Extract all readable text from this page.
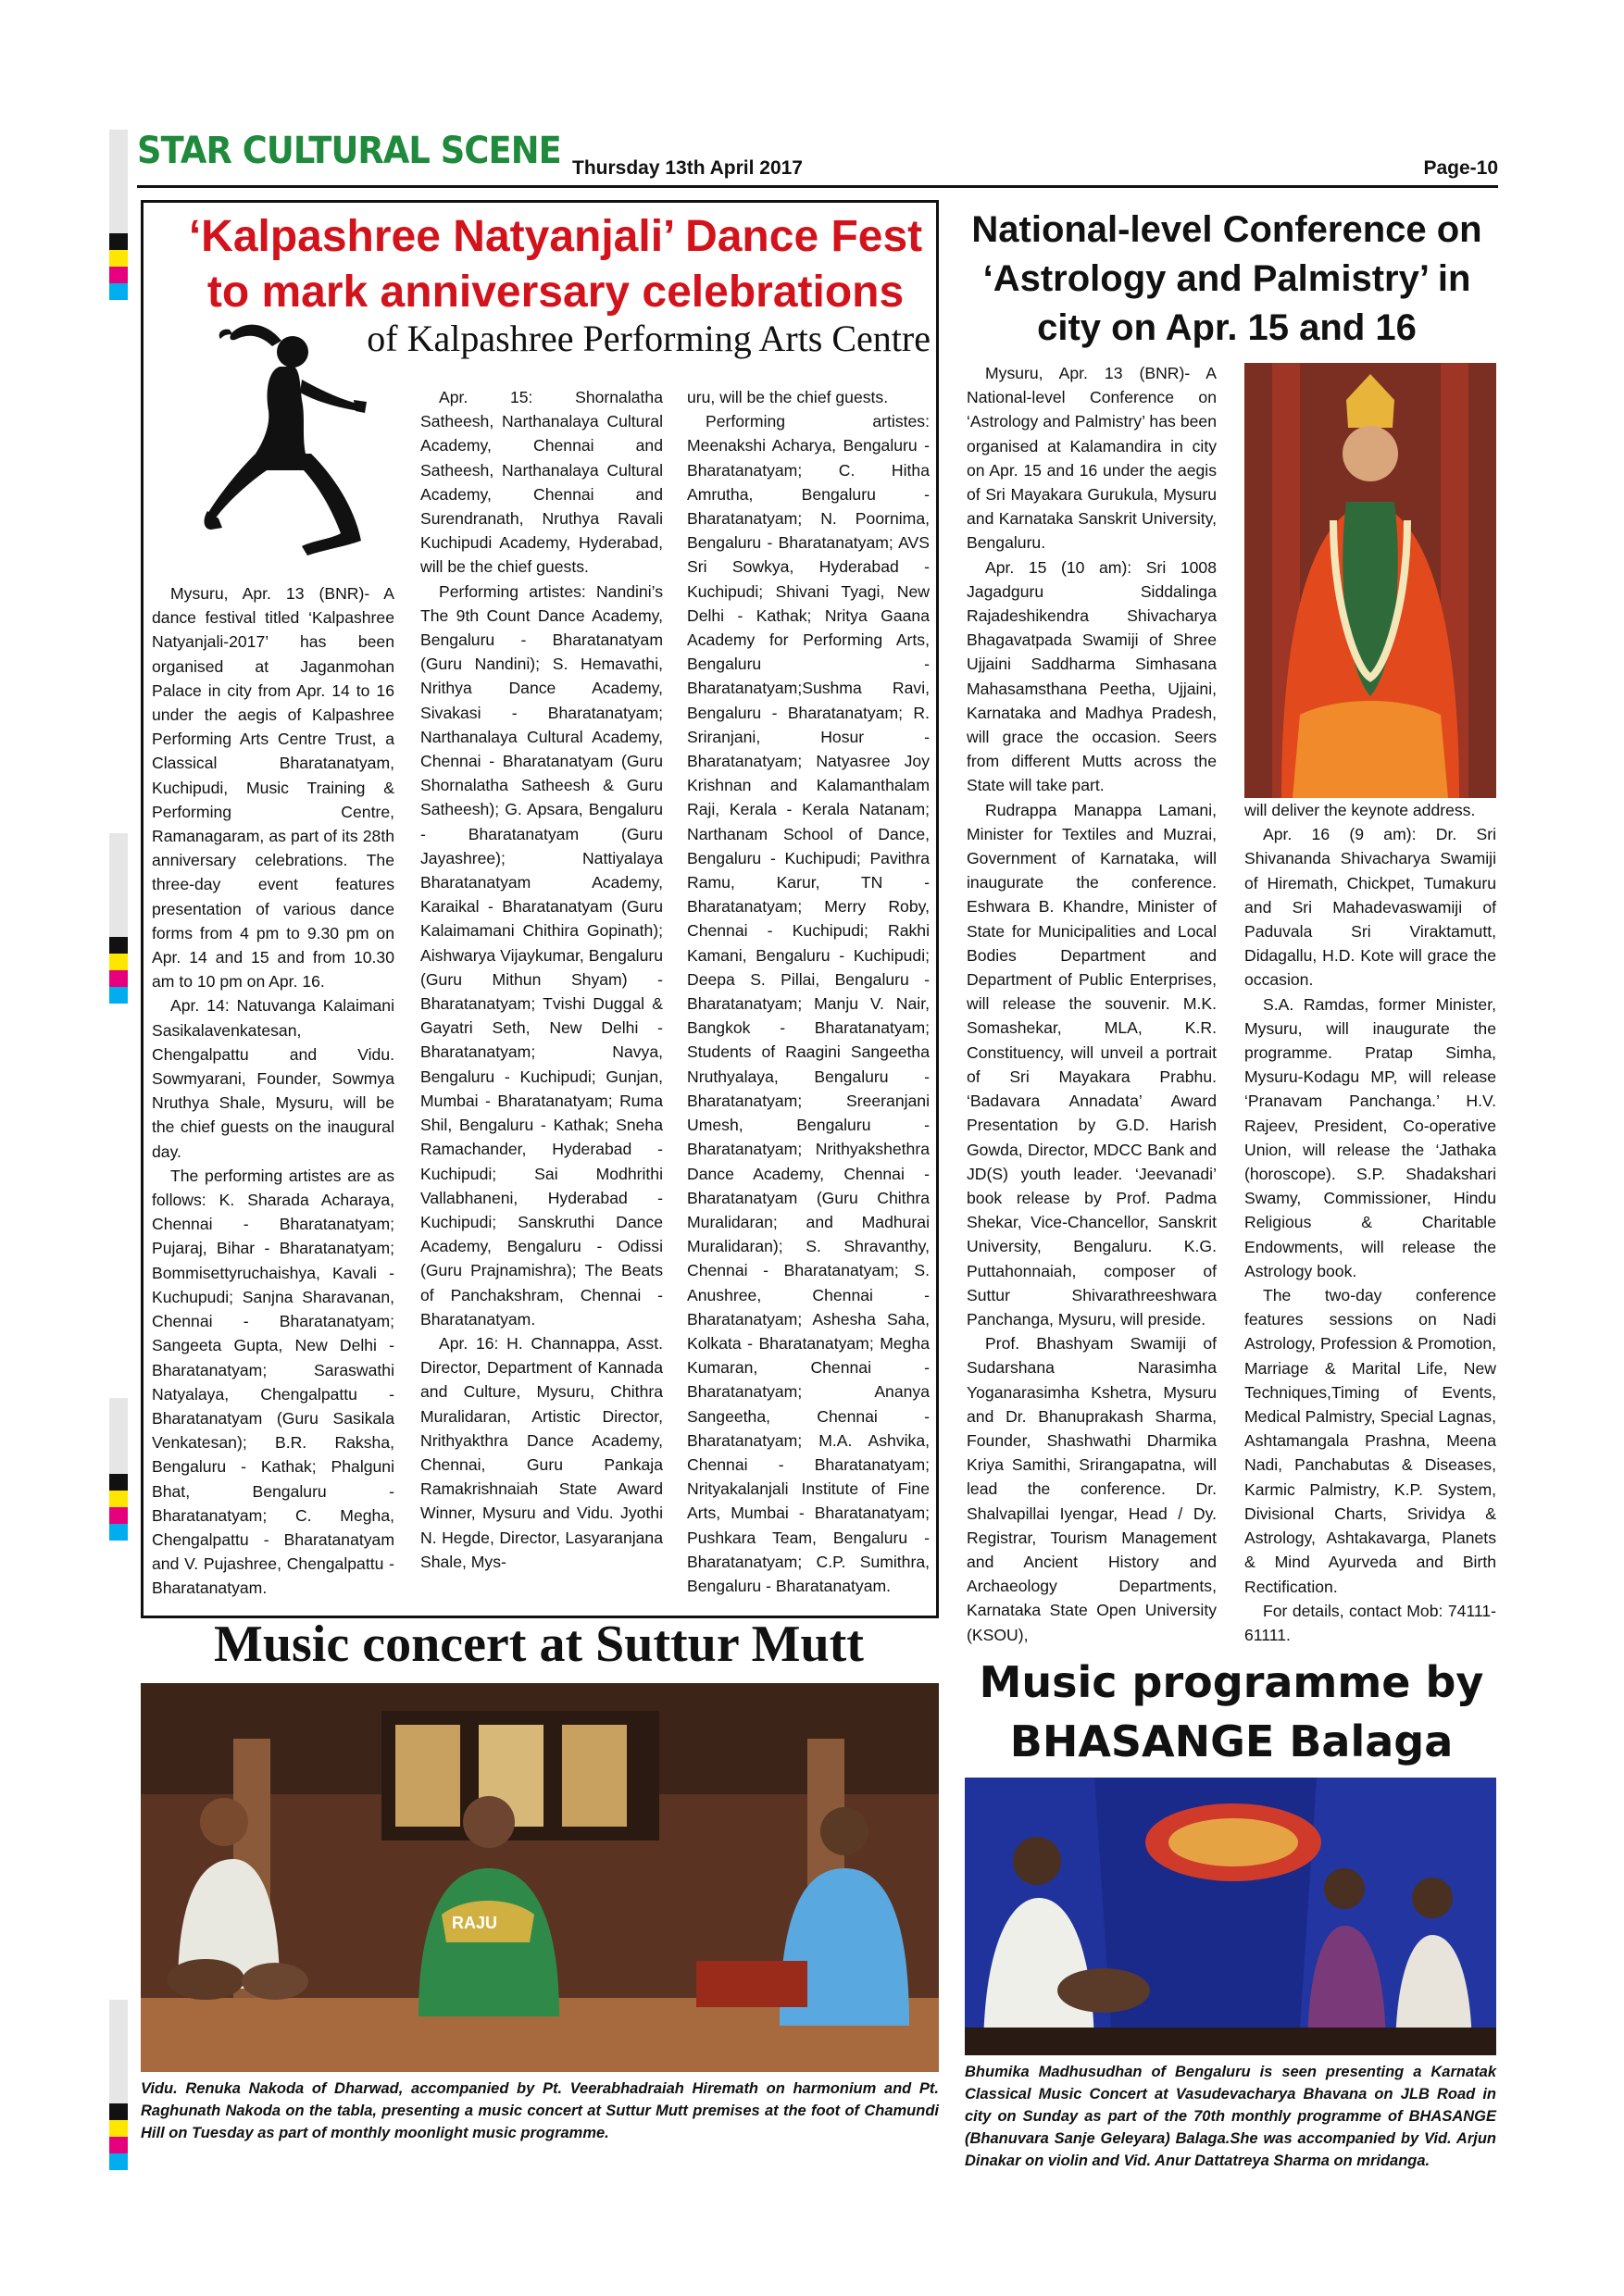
STAR CULTURAL SCENE Thursday 13th April 2017	Page-10
‘Kalpashree Natyanjali’ Dance Fest to mark anniversary celebrations
of Kalpashree Performing Arts Centre

Mysuru, Apr. 13 (BNR)- A dance festival titled ‘Kalpashree Natyanjali-2017’ has been organised at Jaganmohan Palace in city from Apr. 14 to 16 under the aegis of Kalpashree Performing Arts Centre Trust, a Classical Bharatanatyam, Kuchipudi, Music Training & Performing Centre, Ramanagaram, as part of its 28th anniversary celebrations. The three-day event features presentation of various dance forms from 4 pm to 9.30 pm on Apr. 14 and 15 and from 10.30 am to 10 pm on Apr. 16.

Apr. 14: Natuvanga Kalaimani Sasikalavenkatesan, Chengalpattu and Vidu. Sowmyarani, Founder, Sowmya Nruthya Shale, Mysuru, will be the chief guests on the inaugural day.

The performing artistes are as follows: K. Sharada Acharaya, Chennai - Bharatanatyam; Pujaraj, Bihar - Bharatanatyam; Bommisettyruchaishya, Kavali - Kuchupudi; Sanjna Sharavanan, Chennai - Bharatanatyam; Sangeeta Gupta, New Delhi - Bharatanatyam; Saraswathi Natyalaya, Chengalpattu - Bharatanatyam (Guru Sasikala Venkatesan); B.R. Raksha, Bengaluru - Kathak; Phalguni Bhat, Bengaluru - Bharatanatyam; C. Megha, Chengalpattu - Bharatanatyam and V. Pujashree, Chengalpattu - Bharatanatyam.

Apr. 15: Shornalatha Satheesh, Narthanalaya Cultural Academy, Chennai and Satheesh, Narthanalaya Cultural Academy, Chennai and Surendranath, Nruthya Ravali Kuchipudi Academy, Hyderabad, will be the chief guests.

Performing artistes: Nandini’s The 9th Count Dance Academy, Bengaluru - Bharatanatyam (Guru Nandini); S. Hemavathi, Nrithya Dance Academy, Sivakasi - Bharatanatyam; Narthanalaya Cultural Academy, Chennai - Bharatanatyam (Guru Shornalatha Satheesh & Guru Satheesh); G. Apsara, Bengaluru - Bharatanatyam (Guru Jayashree); Nattiyalaya Bharatanatyam Academy, Karaikal - Bharatanatyam (Guru Kalaimamani Chithira Gopinath); Aishwarya Vijaykumar, Bengaluru (Guru Mithun Shyam) - Bharatanatyam; Tvishi Duggal & Gayatri Seth, New Delhi - Bharatanatyam; Navya, Bengaluru - Kuchipudi; Gunjan, Mumbai - Bharatanatyam; Ruma Shil, Bengaluru - Kathak; Sneha Ramachander, Hyderabad - Kuchipudi; Sai Modhrithi Vallabhaneni, Hyderabad - Kuchipudi; Sanskruthi Dance Academy, Bengaluru - Odissi (Guru Prajnamishra); The Beats of Panchakshram, Chennai - Bharatanatyam.

Apr. 16: H. Channappa, Asst. Director, Department of Kannada and Culture, Mysuru, Chithra Muralidaran, Artistic Director, Nrithyakthra Dance Academy, Chennai, Guru Pankaja Ramakrishnaiah State Award Winner, Mysuru and Vidu. Jyothi N. Hegde, Director, Lasyaranjana Shale, Mys-

uru, will be the chief guests.

Performing artistes: Meenakshi Acharya, Bengaluru -Bharatanatyam; C. Hitha Amrutha, Bengaluru - Bharatanatyam; N. Poornima, Bengaluru - Bharatanatyam; AVS Sri Sowkya, Hyderabad - Kuchipudi; Shivani Tyagi, New Delhi - Kathak; Nritya Gaana Academy for Performing Arts, Bengaluru - Bharatanatyam;Sushma Ravi, Bengaluru - Bharatanatyam; R. Sriranjani, Hosur - Bharatanatyam; Natyasree Joy Krishnan and Kalamanthalam Raji, Kerala - Kerala Natanam; Narthanam School of Dance, Bengaluru - Kuchipudi; Pavithra Ramu, Karur, TN - Bharatanatyam; Merry Roby, Chennai - Kuchipudi; Rakhi Kamani, Bengaluru - Kuchipudi; Deepa S. Pillai, Bengaluru - Bharatanatyam; Manju V. Nair, Bangkok - Bharatanatyam; Students of Raagini Sangeetha Nruthyalaya, Bengaluru - Bharatanatyam; Sreeranjani Umesh, Bengaluru - Bharatanatyam; Nrithyakshethra Dance Academy, Chennai - Bharatanatyam (Guru Chithra Muralidaran; and Madhurai Muralidaran); S. Shravanthy, Chennai - Bharatanatyam; S. Anushree, Chennai - Bharatanatyam; Ashesha Saha, Kolkata - Bharatanatyam; Megha Kumaran, Chennai - Bharatanatyam; Ananya Sangeetha, Chennai - Bharatanatyam; M.A. Ashvika, Chennai - Bharatanatyam; Nrityakalanjali Institute of Fine Arts, Mumbai - Bharatanatyam; Pushkara Team, Bengaluru - Bharatanatyam; C.P. Sumithra, Bengaluru - Bharatanatyam.

National-level Conference on ‘Astrology and Palmistry’ in city on Apr. 15 and 16

Mysuru, Apr. 13 (BNR)- A National-level Conference on ‘Astrology and Palmistry’ has been organised at Kalamandira in city on Apr. 15 and 16 under the aegis of Sri Mayakara Gurukula, Mysuru and Karnataka Sanskrit University, Bengaluru.

Apr. 15 (10 am): Sri 1008 Jagadguru Siddalinga Rajadeshikendra Shivacharya Bhagavatpada Swamiji of Shree Ujjaini Saddharma Simhasana Mahasamsthana Peetha, Ujjaini, Karnataka and Madhya Pradesh, will grace the occasion. Seers from different Mutts across the State will take part.

Rudrappa Manappa Lamani, Minister for Textiles and Muzrai, Government of Karnataka, will inaugurate the conference. Eshwara B. Khandre, Minister of State for Municipalities and Local Bodies Department and Department of Public Enterprises, will release the souvenir. M.K. Somashekar, MLA, K.R. Constituency, will unveil a portrait of Sri Mayakara Prabhu. ‘Badavara Annadata’ Award Presentation by G.D. Harish Gowda, Director, MDCC Bank and JD(S) youth leader. ‘Jeevanadi’ book release by Prof. Padma Shekar, Vice-Chancellor, Sanskrit University, Bengaluru. K.G. Puttahonnaiah, composer of Suttur Shivarathreeshwara Panchanga, Mysuru, will preside.

Prof. Bhashyam Swamiji of Sudarshana Narasimha Yoganarasimha Kshetra, Mysuru and Dr. Bhanuprakash Sharma, Founder, Shashwathi Dharmika Kriya Samithi, Srirangapatna, will lead the conference. Dr. Shalvapillai Iyengar, Head / Dy. Registrar, Tourism Management and Ancient History and Archaeology Departments, Karnataka State Open University (KSOU),

will deliver the keynote address.

Apr. 16 (9 am): Dr. Sri Shivananda Shivacharya Swamiji of Hiremath, Chickpet, Tumakuru and Sri Mahadevaswamiji of Paduvala Sri Viraktamutt, Didagallu, H.D. Kote will grace the occasion.

S.A. Ramdas, former Minister, Mysuru, will inaugurate the programme. Pratap Simha, Mysuru-Kodagu MP, will release ‘Pranavam Panchanga.’ H.V. Rajeev, President, Co-operative Union, will release the ‘Jathaka (horoscope). S.P. Shadakshari Swamy, Commissioner, Hindu Religious & Charitable Endowments, will release the Astrology book.

The two-day conference features sessions on Nadi Astrology, Profession & Promotion, Marriage & Marital Life, New Techniques,Timing of Events, Medical Palmistry, Special Lagnas, Ashtamangala Prashna, Meena Nadi, Panchabutas & Diseases, Karmic Palmistry, K.P. System, Divisional Charts, Srividya & Astrology, Ashtakavarga, Planets & Mind Ayurveda and Birth Rectification.

For details, contact Mob: 74111-61111.

Music concert at Suttur Mutt
RAJU
Vidu. Renuka Nakoda of Dharwad, accompanied by Pt. Veerabhadraiah Hiremath on harmonium and Pt. Raghunath Nakoda on the tabla, presenting a music concert at Suttur Mutt premises at the foot of Chamundi Hill on Tuesday as part of monthly moonlight music programme.
Music programme by BHASANGE Balaga
Bhumika Madhusudhan of Bengaluru is seen presenting a Karnatak Classical Music Concert at Vasudevacharya Bhavana on JLB Road in city on Sunday as part of the 70th monthly programme of BHASANGE (Bhanuvara Sanje Geleyara) Balaga.She was accompanied by Vid. Arjun Dinakar on violin and Vid. Anur Dattatreya Sharma on mridanga.
